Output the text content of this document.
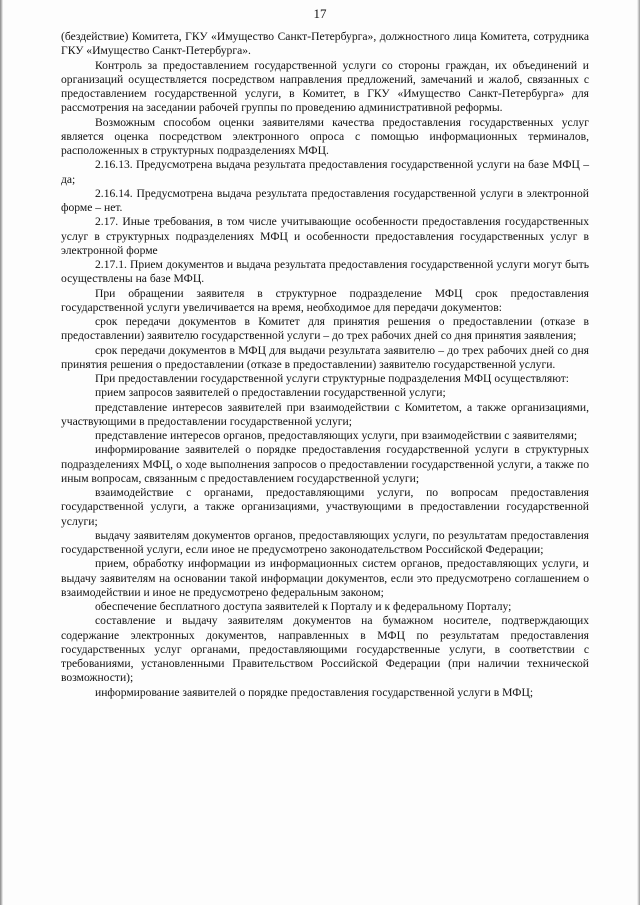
17

(бездействие) Комитета, ГКУ «Имущество Санкт-Петербурга», должностного лица Комитета, сотрудника ГКУ «Имущество Санкт-Петербурга».

Контроль за предоставлением государственной услуги со стороны граждан, их объединений и организаций осуществляется посредством направления предложений, замечаний и жалоб, связанных с предоставлением государственной услуги, в Комитет, в ГКУ «Имущество Санкт-Петербурга» для рассмотрения на заседании рабочей группы по проведению административной реформы.

Возможным способом оценки заявителями качества предоставления государственных услуг является оценка посредством электронного опроса с помощью информационных терминалов, расположенных в структурных подразделениях МФЦ.

2.16.13. Предусмотрена выдача результата предоставления государственной услуги на базе МФЦ – да;

2.16.14. Предусмотрена выдача результата предоставления государственной услуги в электронной форме – нет.

2.17. Иные требования, в том числе учитывающие особенности предоставления государственных услуг в структурных подразделениях МФЦ и особенности предоставления государственных услуг в электронной форме

2.17.1. Прием документов и выдача результата предоставления государственной услуги могут быть осуществлены на базе МФЦ.

При обращении заявителя в структурное подразделение МФЦ срок предоставления государственной услуги увеличивается на время, необходимое для передачи документов:

срок передачи документов в Комитет для принятия решения о предоставлении (отказе в предоставлении) заявителю государственной услуги – до трех рабочих дней со дня принятия заявления;

срок передачи документов в МФЦ для выдачи результата заявителю – до трех рабочих дней со дня принятия решения о предоставлении (отказе в предоставлении) заявителю государственной услуги.

При предоставлении государственной услуги структурные подразделения МФЦ осуществляют:

прием запросов заявителей о предоставлении государственной услуги;

представление интересов заявителей при взаимодействии с Комитетом, а также организациями, участвующими в предоставлении государственной услуги;

представление интересов органов, предоставляющих услуги, при взаимодействии с заявителями;

информирование заявителей о порядке предоставления государственной услуги в структурных подразделениях МФЦ, о ходе выполнения запросов о предоставлении государственной услуги, а также по иным вопросам, связанным с предоставлением государственной услуги;

взаимодействие с органами, предоставляющими услуги, по вопросам предоставления государственной услуги, а также организациями, участвующими в предоставлении государственной услуги;

выдачу заявителям документов органов, предоставляющих услуги, по результатам предоставления государственной услуги, если иное не предусмотрено законодательством Российской Федерации;

прием, обработку информации из информационных систем органов, предоставляющих услуги, и выдачу заявителям на основании такой информации документов, если это предусмотрено соглашением о взаимодействии и иное не предусмотрено федеральным законом;

обеспечение бесплатного доступа заявителей к Порталу и к федеральному Порталу;

составление и выдачу заявителям документов на бумажном носителе, подтверждающих содержание электронных документов, направленных в МФЦ по результатам предоставления государственных услуг органами, предоставляющими государственные услуги, в соответствии с требованиями, установленными Правительством Российской Федерации (при наличии технической возможности);

информирование заявителей о порядке предоставления государственной услуги в МФЦ;
